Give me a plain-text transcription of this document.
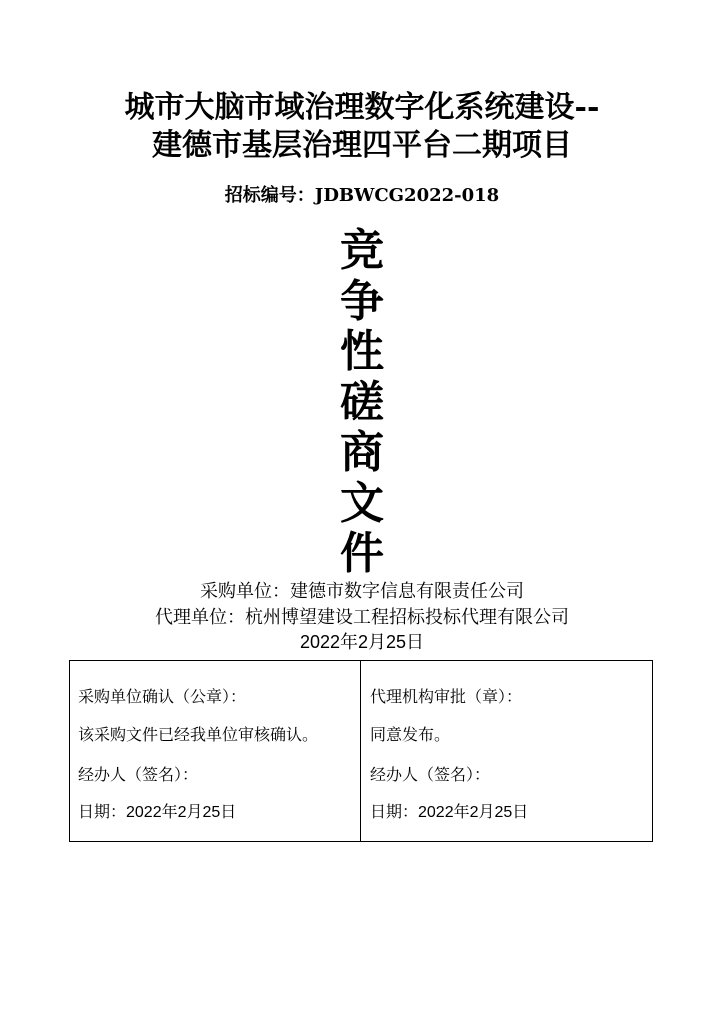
城市大脑市域治理数字化系统建设--
建德市基层治理四平台二期项目
招标编号：JDBWCG2022-018
竞
争
性
磋
商
文
件
采购单位：建德市数字信息有限责任公司
代理单位：杭州博望建设工程招标投标代理有限公司
2022年2月25日
采购单位确认（公章）：
该采购文件已经我单位审核确认。
经办人（签名）：
日期：2022年2月25日
代理机构审批（章）：
同意发布。
经办人（签名）：
日期：2022年2月25日
